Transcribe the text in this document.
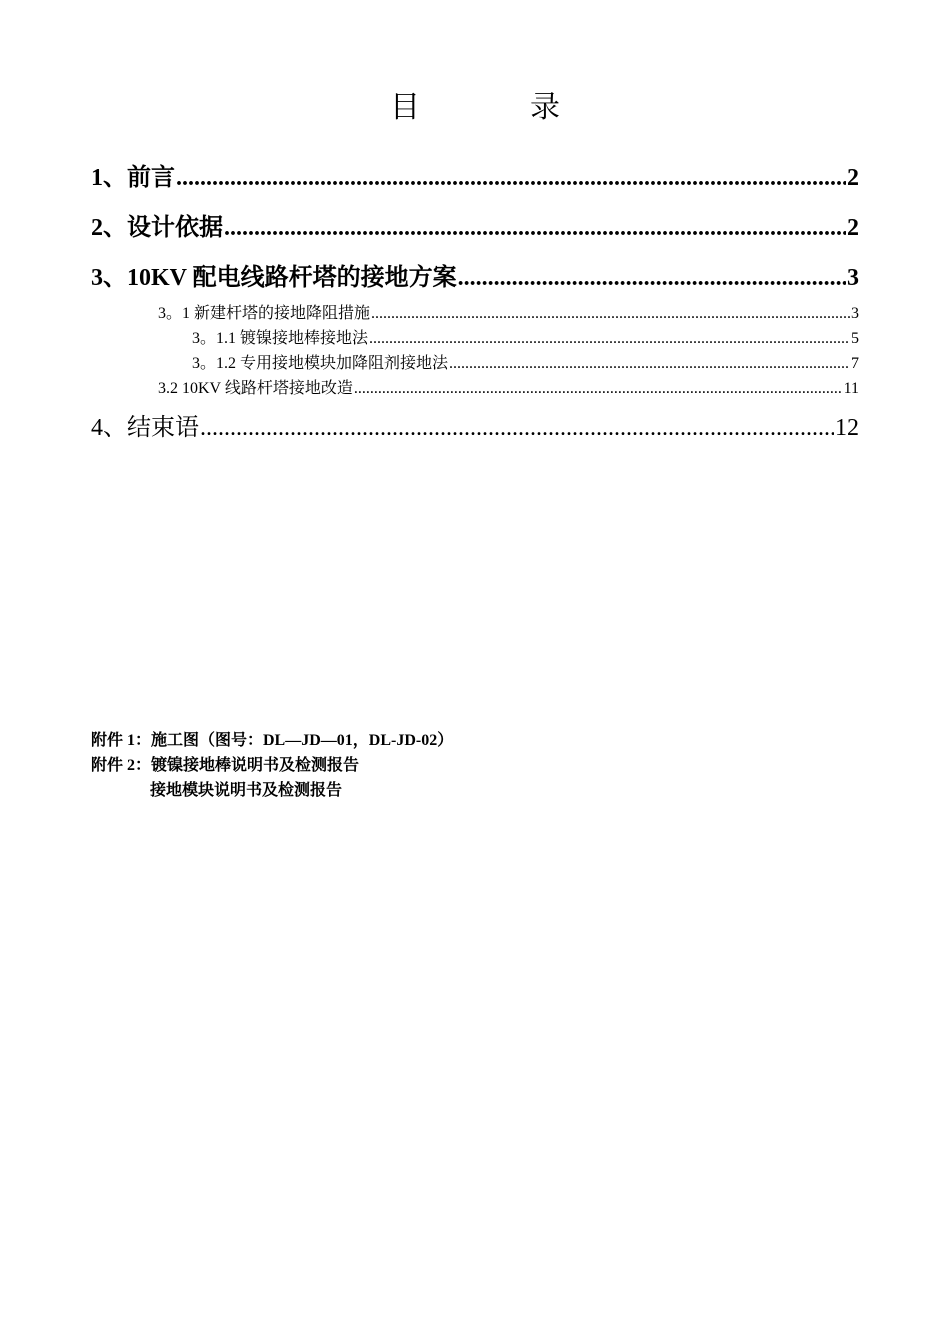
目	录
1、前言 .....	2
2、设计依据 .....	2
3、10KV 配电线路杆塔的接地方案 .....	3
3。1 新建杆塔的接地降阻措施 .....	3
3。1.1 镀镍接地棒接地法 .....	5
3。1.2 专用接地模块加降阻剂接地法 .....	7
3.2 10KV 线路杆塔接地改造 .....	11
4、结束语 .....	12
附件 1：施工图（图号：DL—JD—01，DL-JD-02）
附件 2：镀镍接地棒说明书及检测报告
接地模块说明书及检测报告
